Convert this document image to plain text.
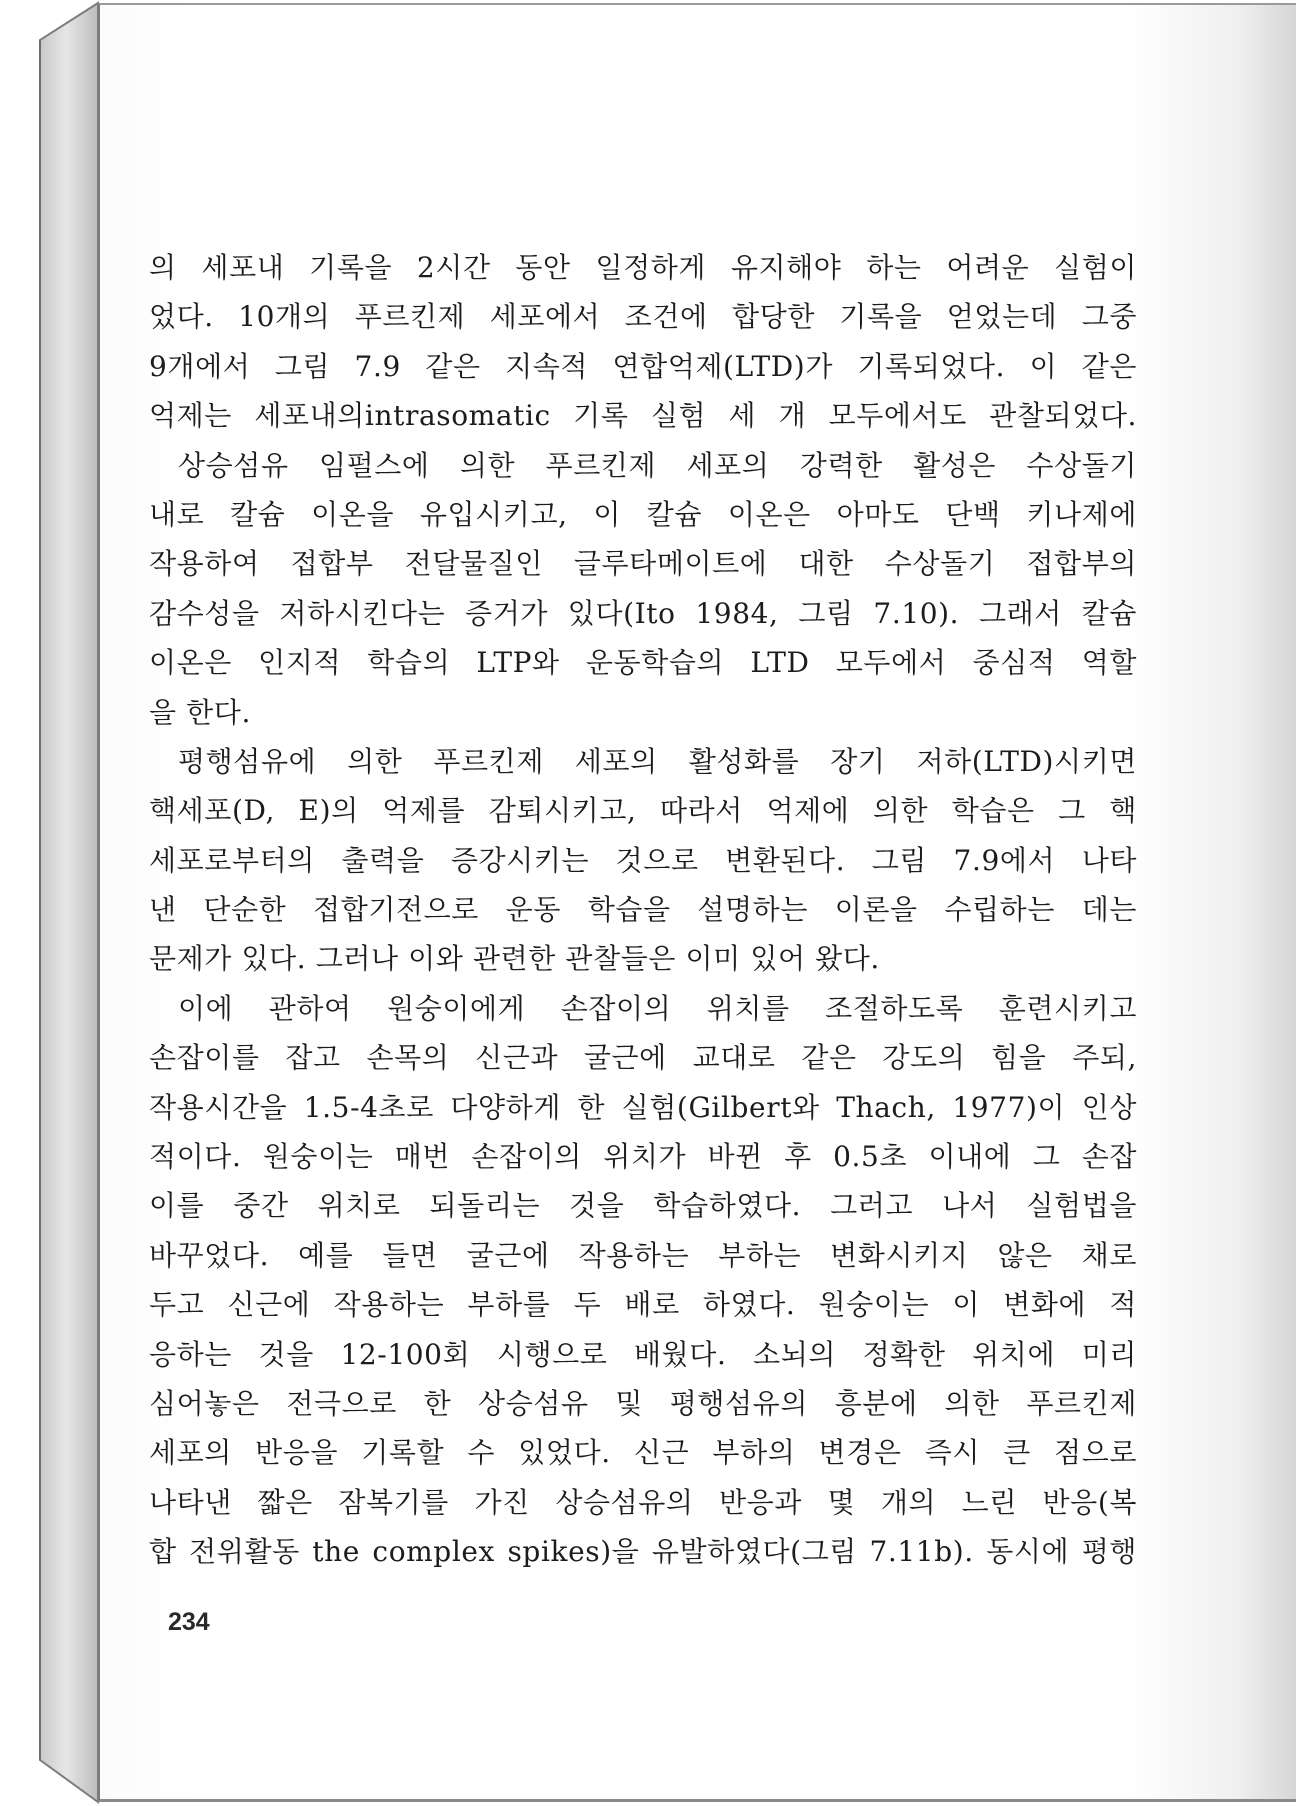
의 세포내 기록을 2시간 동안 일정하게 유지해야 하는 어려운 실험이
었다. 10개의 푸르킨제 세포에서 조건에 합당한 기록을 얻었는데 그중
9개에서 그림 7.9 같은 지속적 연합억제(LTD)가 기록되었다. 이 같은
억제는 세포내의intrasomatic 기록 실험 세 개 모두에서도 관찰되었다.
상승섬유 임펄스에 의한 푸르킨제 세포의 강력한 활성은 수상돌기
내로 칼슘 이온을 유입시키고, 이 칼슘 이온은 아마도 단백 키나제에
작용하여 접합부 전달물질인 글루타메이트에 대한 수상돌기 접합부의
감수성을 저하시킨다는 증거가 있다(Ito 1984, 그림 7.10). 그래서 칼슘
이온은 인지적 학습의 LTP와 운동학습의 LTD 모두에서 중심적 역할
을 한다.
평행섬유에 의한 푸르킨제 세포의 활성화를 장기 저하(LTD)시키면
핵세포(D, E)의 억제를 감퇴시키고, 따라서 억제에 의한 학습은 그 핵
세포로부터의 출력을 증강시키는 것으로 변환된다. 그림 7.9에서 나타
낸 단순한 접합기전으로 운동 학습을 설명하는 이론을 수립하는 데는
문제가 있다. 그러나 이와 관련한 관찰들은 이미 있어 왔다.
이에 관하여 원숭이에게 손잡이의 위치를 조절하도록 훈련시키고
손잡이를 잡고 손목의 신근과 굴근에 교대로 같은 강도의 힘을 주되,
작용시간을 1.5-4초로 다양하게 한 실험(Gilbert와 Thach, 1977)이 인상
적이다. 원숭이는 매번 손잡이의 위치가 바뀐 후 0.5초 이내에 그 손잡
이를 중간 위치로 되돌리는 것을 학습하였다. 그러고 나서 실험법을
바꾸었다. 예를 들면 굴근에 작용하는 부하는 변화시키지 않은 채로
두고 신근에 작용하는 부하를 두 배로 하였다. 원숭이는 이 변화에 적
응하는 것을 12-100회 시행으로 배웠다. 소뇌의 정확한 위치에 미리
심어놓은 전극으로 한 상승섬유 및 평행섬유의 흥분에 의한 푸르킨제
세포의 반응을 기록할 수 있었다. 신근 부하의 변경은 즉시 큰 점으로
나타낸 짧은 잠복기를 가진 상승섬유의 반응과 몇 개의 느린 반응(복
합 전위활동 the complex spikes)을 유발하였다(그림 7.11b). 동시에 평행
234
